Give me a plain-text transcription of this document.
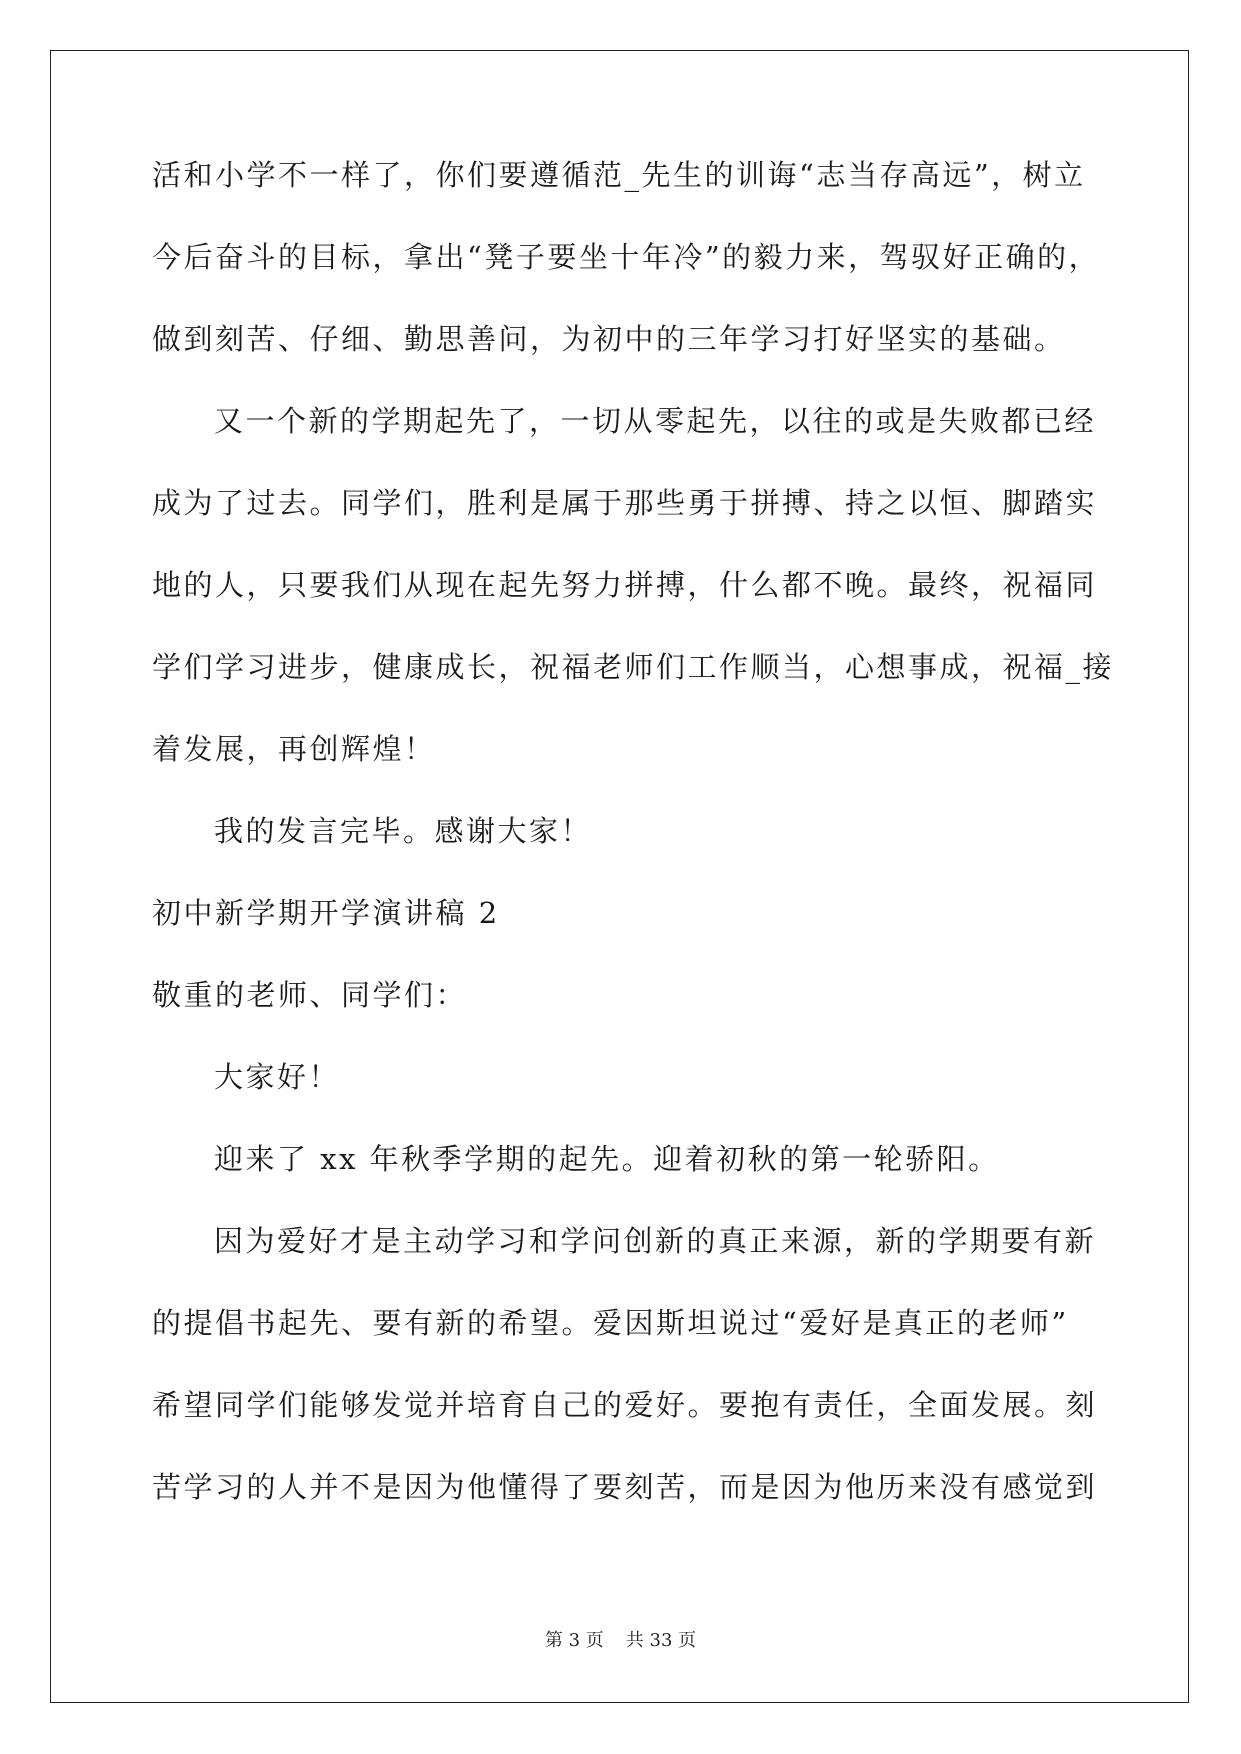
活和小学不一样了，你们要遵循范_先生的训诲“志当存高远”，树立
今后奋斗的目标，拿出“凳子要坐十年冷”的毅力来，驾驭好正确的，
做到刻苦、仔细、勤思善问，为初中的三年学习打好坚实的基础。
又一个新的学期起先了，一切从零起先，以往的或是失败都已经
成为了过去。同学们，胜利是属于那些勇于拼搏、持之以恒、脚踏实
地的人，只要我们从现在起先努力拼搏，什么都不晚。最终，祝福同
学们学习进步，健康成长，祝福老师们工作顺当，心想事成，祝福_接
着发展，再创辉煌！
我的发言完毕。感谢大家！
初中新学期开学演讲稿 2
敬重的老师、同学们：
大家好！
迎来了 xx 年秋季学期的起先。迎着初秋的第一轮骄阳。
因为爱好才是主动学习和学问创新的真正来源，新的学期要有新
的提倡书起先、要有新的希望。爱因斯坦说过“爱好是真正的老师”
希望同学们能够发觉并培育自己的爱好。要抱有责任，全面发展。刻
苦学习的人并不是因为他懂得了要刻苦，而是因为他历来没有感觉到
第 3 页 共 33 页
